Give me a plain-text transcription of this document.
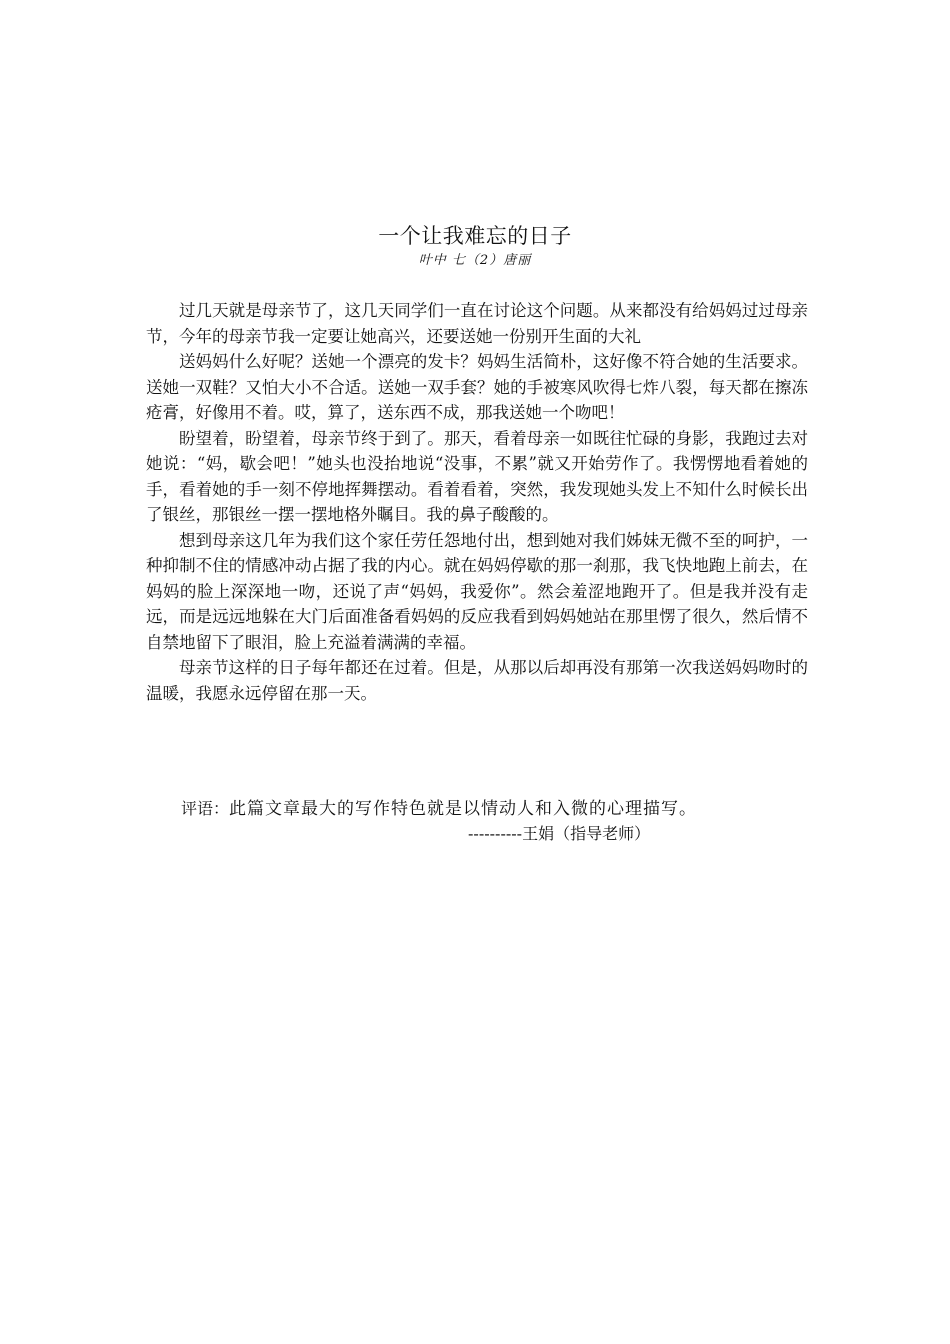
一个让我难忘的日子
叶中 七（2）唐丽

过几天就是母亲节了，这几天同学们一直在讨论这个问题。从来都没有给妈妈过过母亲节，今年的母亲节我一定要让她高兴，还要送她一份别开生面的大礼

送妈妈什么好呢？送她一个漂亮的发卡？妈妈生活简朴，这好像不符合她的生活要求。送她一双鞋？又怕大小不合适。送她一双手套？她的手被寒风吹得七炸八裂，每天都在擦冻疮膏，好像用不着。哎，算了，送东西不成，那我送她一个吻吧！

盼望着，盼望着，母亲节终于到了。那天，看着母亲一如既往忙碌的身影，我跑过去对她说：“妈，歇会吧！”她头也没抬地说“没事，不累”就又开始劳作了。我愣愣地看着她的手，看着她的手一刻不停地挥舞摆动。看着看着，突然，我发现她头发上不知什么时候长出了银丝，那银丝一摆一摆地格外瞩目。我的鼻子酸酸的。

想到母亲这几年为我们这个家任劳任怨地付出，想到她对我们姊妹无微不至的呵护，一种抑制不住的情感冲动占据了我的内心。就在妈妈停歇的那一刹那，我飞快地跑上前去，在妈妈的脸上深深地一吻，还说了声“妈妈，我爱你”。然会羞涩地跑开了。但是我并没有走远，而是远远地躲在大门后面准备看妈妈的反应我看到妈妈她站在那里愣了很久，然后情不自禁地留下了眼泪，脸上充溢着满满的幸福。

母亲节这样的日子每年都还在过着。但是，从那以后却再没有那第一次我送妈妈吻时的温暖，我愿永远停留在那一天。

评语：此篇文章最大的写作特色就是以情动人和入微的心理描写。
----------王娟（指导老师）
